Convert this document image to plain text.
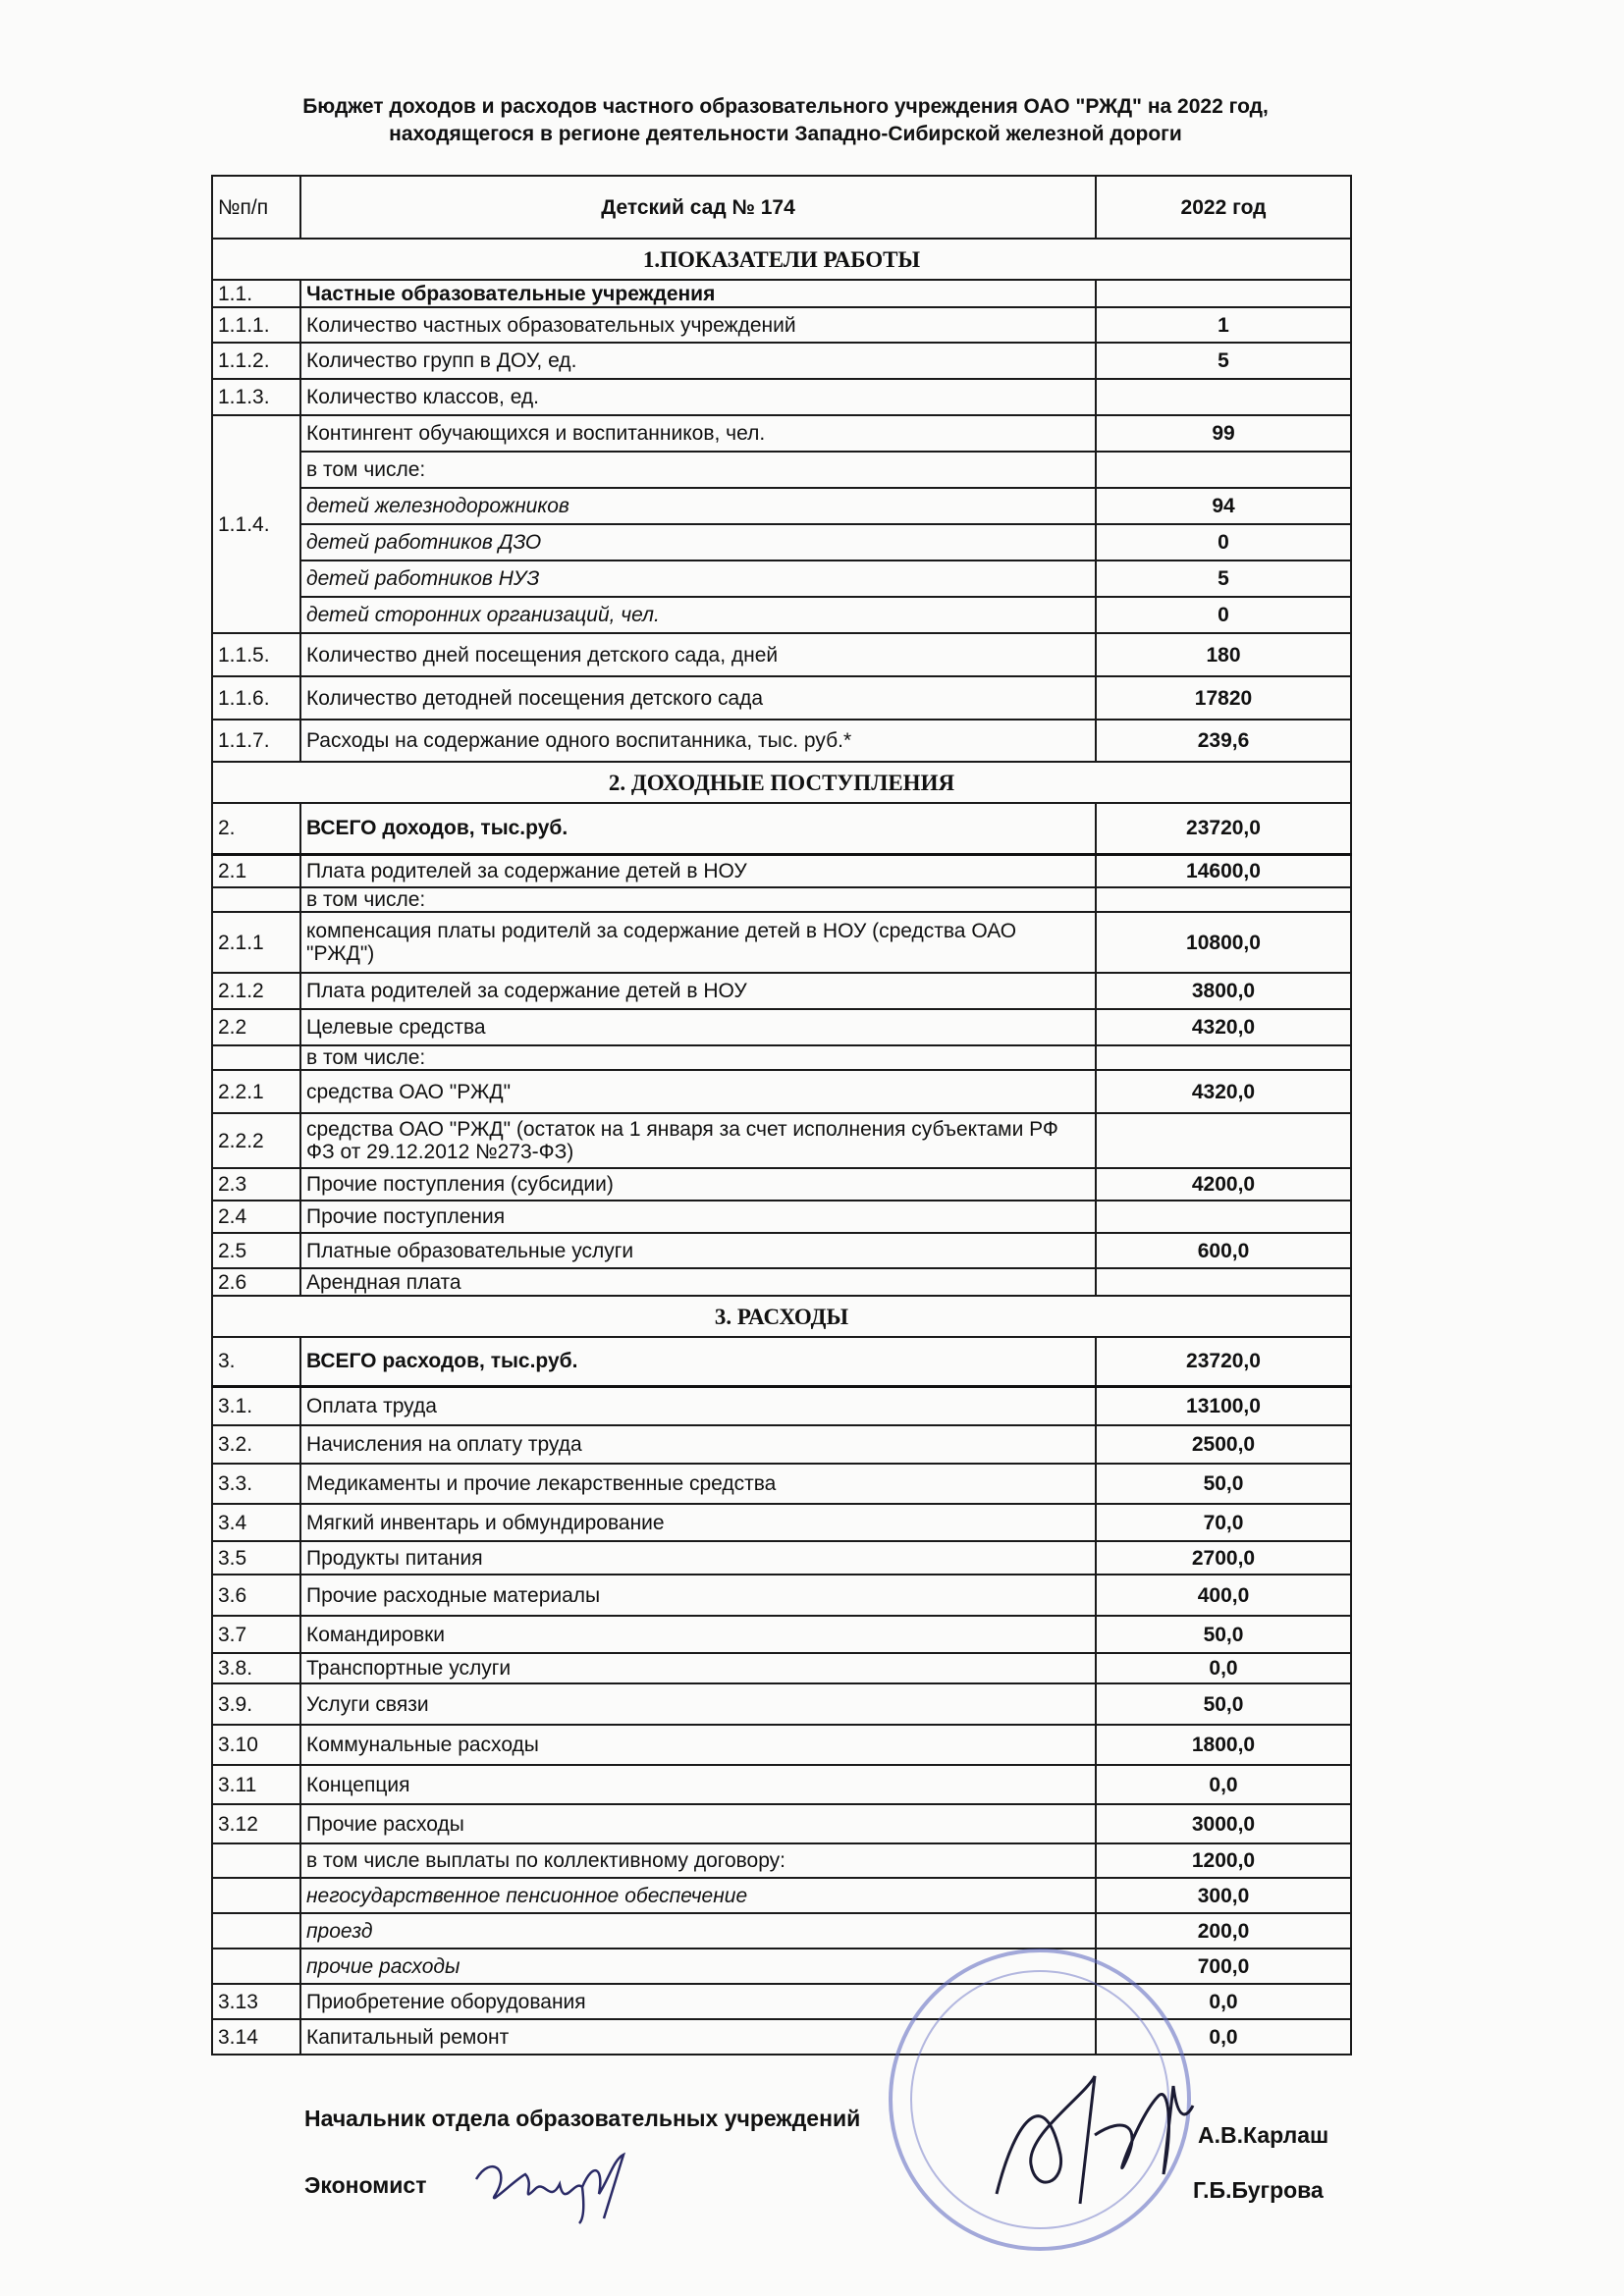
Бюджет доходов и расходов частного образовательного учреждения ОАО "РЖД" на 2022 год,
находящегося в регионе деятельности Западно-Сибирской железной дороги
№п/п	Детский сад № 174	2022 год
1.ПОКАЗАТЕЛИ РАБОТЫ		
1.1.	Частные образовательные учреждения	
1.1.1.	Количество частных образовательных учреждений	1
1.1.2.	Количество групп в ДОУ, ед.	5
1.1.3.	Количество классов, ед.	
1.1.4.	Контингент обучающихся и воспитанников, чел.	99
	в том числе:	
	детей железнодорожников	94
	детей работников ДЗО	0
	детей работников НУЗ	5
	детей сторонних организаций, чел.	0
1.1.5.	Количество дней посещения детского сада, дней	180
1.1.6.	Количество детодней посещения детского сада	17820
1.1.7.	Расходы на содержание одного воспитанника, тыс. руб.*	239,6
2. ДОХОДНЫЕ ПОСТУПЛЕНИЯ		
2.	ВСЕГО доходов, тыс.руб.	23720,0
2.1	Плата родителей за содержание детей в НОУ	14600,0
	в том числе:	
2.1.1	компенсация платы родителй за содержание детей в НОУ (средства ОАО "РЖД")	10800,0
2.1.2	Плата родителей за содержание детей в НОУ	3800,0
2.2	Целевые средства	4320,0
	в том числе:	
2.2.1	средства ОАО "РЖД"	4320,0
2.2.2	средства ОАО "РЖД" (остаток на 1 января за счет исполнения субъектами РФ ФЗ от 29.12.2012 №273-ФЗ)	
2.3	Прочие поступления (субсидии)	4200,0
2.4	Прочие поступления	
2.5	Платные образовательные услуги	600,0
2.6	Арендная плата	
3. РАСХОДЫ		
3.	ВСЕГО расходов, тыс.руб.	23720,0
3.1.	Оплата труда	13100,0
3.2.	Начисления на оплату труда	2500,0
3.3.	Медикаменты и прочие лекарственные средства	50,0
3.4	Мягкий инвентарь и обмундирование	70,0
3.5	Продукты питания	2700,0
3.6	Прочие расходные материалы	400,0
3.7	Командировки	50,0
3.8.	Транспортные услуги	0,0
3.9.	Услуги связи	50,0
3.10	Коммунальные расходы	1800,0
3.11	Концепция	0,0
3.12	Прочие расходы	3000,0
	в том числе выплаты по коллективному договору:	1200,0
	негосударственное пенсионное обеспечение	300,0
	проезд	200,0
	прочие расходы	700,0
3.13	Приобретение оборудования	0,0
3.14	Капитальный ремонт	0,0
Начальник отдела образовательных учреждений
А.В.Карлаш
Экономист	Г.Б.Бугрова
